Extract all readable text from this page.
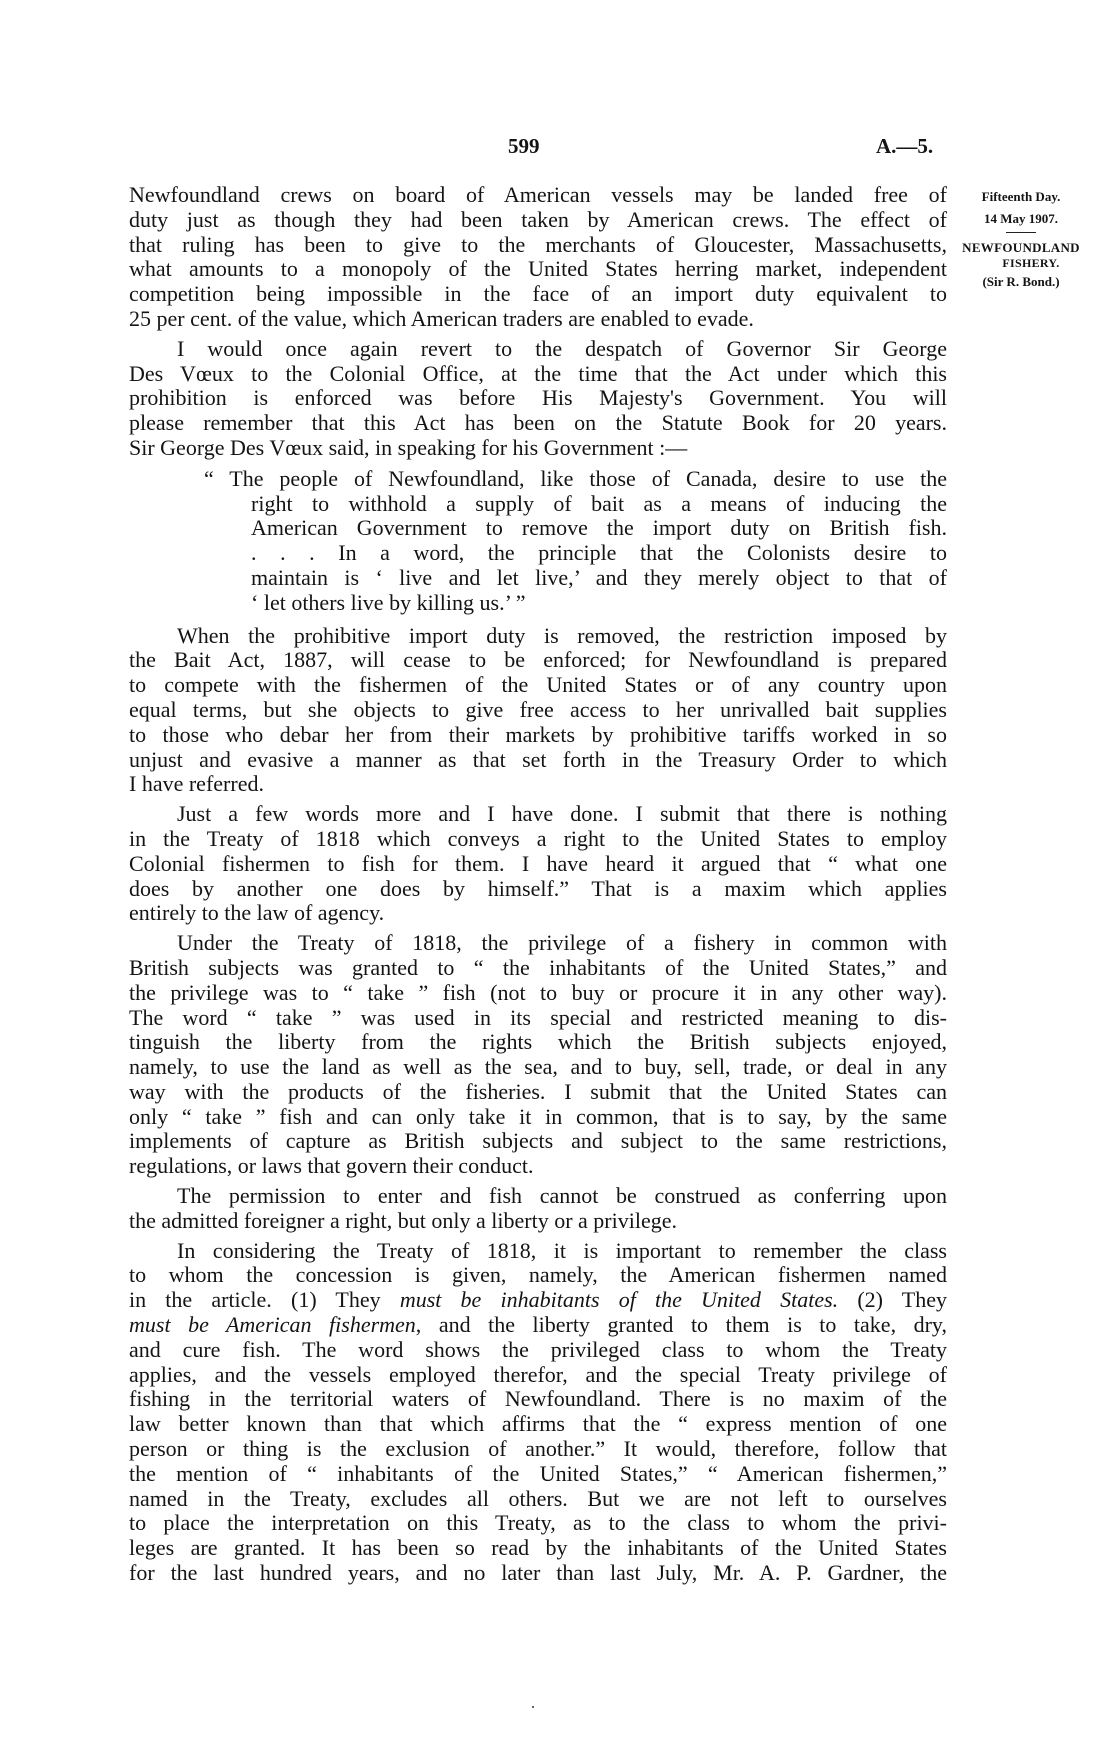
599	A.—5.
Newfoundland crews on board of American vessels may be landed free of
duty just as though they had been taken by American crews. The effect of
that ruling has been to give to the merchants of Gloucester, Massachusetts,
what amounts to a monopoly of the United States herring market, independent
competition being impossible in the face of an import duty equivalent to
25 per cent. of the value, which American traders are enabled to evade.
I would once again revert to the despatch of Governor Sir George
Des Vœux to the Colonial Office, at the time that the Act under which this
prohibition is enforced was before His Majesty's Government. You will
please remember that this Act has been on the Statute Book for 20 years.
Sir George Des Vœux said, in speaking for his Government :—
“ The people of Newfoundland, like those of Canada, desire to use the
right to withhold a supply of bait as a means of inducing the
American Government to remove the import duty on British fish.
. . . In a word, the principle that the Colonists desire to
maintain is ‘ live and let live,’ and they merely object to that of
‘ let others live by killing us.’ ”
When the prohibitive import duty is removed, the restriction imposed by
the Bait Act, 1887, will cease to be enforced; for Newfoundland is prepared
to compete with the fishermen of the United States or of any country upon
equal terms, but she objects to give free access to her unrivalled bait supplies
to those who debar her from their markets by prohibitive tariffs worked in so
unjust and evasive a manner as that set forth in the Treasury Order to which
I have referred.
Just a few words more and I have done. I submit that there is nothing
in the Treaty of 1818 which conveys a right to the United States to employ
Colonial fishermen to fish for them. I have heard it argued that “ what one
does by another one does by himself.” That is a maxim which applies
entirely to the law of agency.
Under the Treaty of 1818, the privilege of a fishery in common with
British subjects was granted to “ the inhabitants of the United States,” and
the privilege was to “ take ” fish (not to buy or procure it in any other way).
The word “ take ” was used in its special and restricted meaning to dis-
tinguish the liberty from the rights which the British subjects enjoyed,
namely, to use the land as well as the sea, and to buy, sell, trade, or deal in any
way with the products of the fisheries. I submit that the United States can
only “ take ” fish and can only take it in common, that is to say, by the same
implements of capture as British subjects and subject to the same restrictions,
regulations, or laws that govern their conduct.
The permission to enter and fish cannot be construed as conferring upon
the admitted foreigner a right, but only a liberty or a privilege.
In considering the Treaty of 1818, it is important to remember the class
to whom the concession is given, namely, the American fishermen named
in the article. (1) They must be inhabitants of the United States. (2) They
must be American fishermen, and the liberty granted to them is to take, dry,
and cure fish. The word shows the privileged class to whom the Treaty
applies, and the vessels employed therefor, and the special Treaty privilege of
fishing in the territorial waters of Newfoundland. There is no maxim of the
law better known than that which affirms that the “ express mention of one
person or thing is the exclusion of another.” It would, therefore, follow that
the mention of “ inhabitants of the United States,” “ American fishermen,”
named in the Treaty, excludes all others. But we are not left to ourselves
to place the interpretation on this Treaty, as to the class to whom the privi-
leges are granted. It has been so read by the inhabitants of the United States
for the last hundred years, and no later than last July, Mr. A. P. Gardner, the
Fifteenth Day.
14 May 1907.
NEWFOUNDLAND
FISHERY.
(Sir R. Bond.)
